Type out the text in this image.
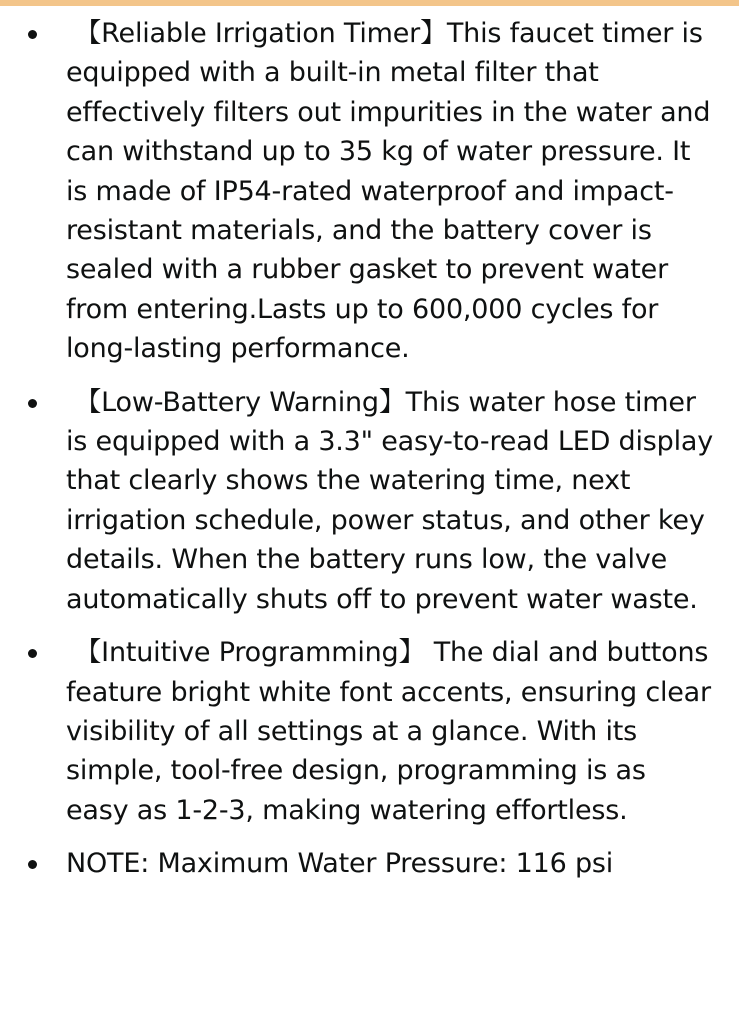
【Reliable Irrigation Timer】This faucet timer is equipped with a built-in metal filter that effectively filters out impurities in the water and can withstand up to 35 kg of water pressure. It is made of IP54-rated waterproof and impact-resistant materials, and the battery cover is sealed with a rubber gasket to prevent water from entering.Lasts up to 600,000 cycles for long-lasting performance.
【Low-Battery Warning】This water hose timer is equipped with a 3.3" easy-to-read LED display that clearly shows the watering time, next irrigation schedule, power status, and other key details. When the battery runs low, the valve automatically shuts off to prevent water waste.
【Intuitive Programming】 The dial and buttons feature bright white font accents, ensuring clear visibility of all settings at a glance. With its simple, tool-free design, programming is as easy as 1-2-3, making watering effortless.
NOTE: Maximum Water Pressure: 116 psi
